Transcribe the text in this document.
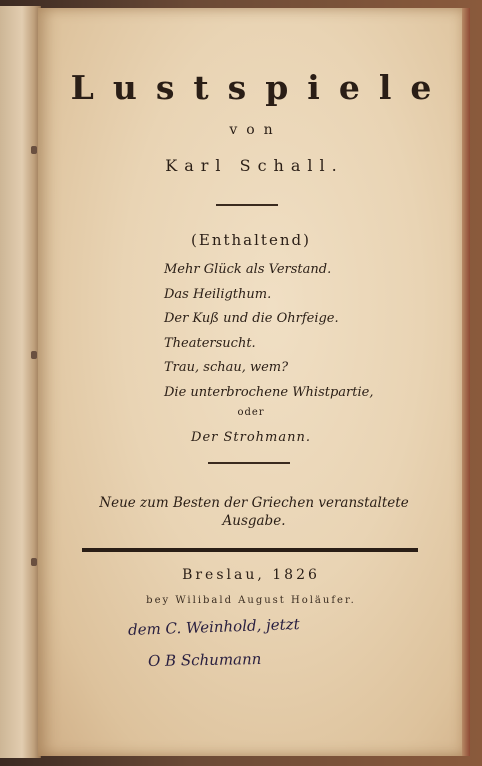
Lustspiele
von
Karl Schall.
(Enthaltend)
Mehr Glück als Verstand.
Das Heiligthum.
Der Kuß und die Ohrfeige.
Theatersucht.
Trau, schau, wem?
Die unterbrochene Whistpartie,
oder
Der Strohmann.
Neue zum Besten der Griechen veranstaltete Ausgabe.
Breslau, 1826
bey Wilibald August Holäufer.
dem C. Weinhold, jetzt
O B Schumann
